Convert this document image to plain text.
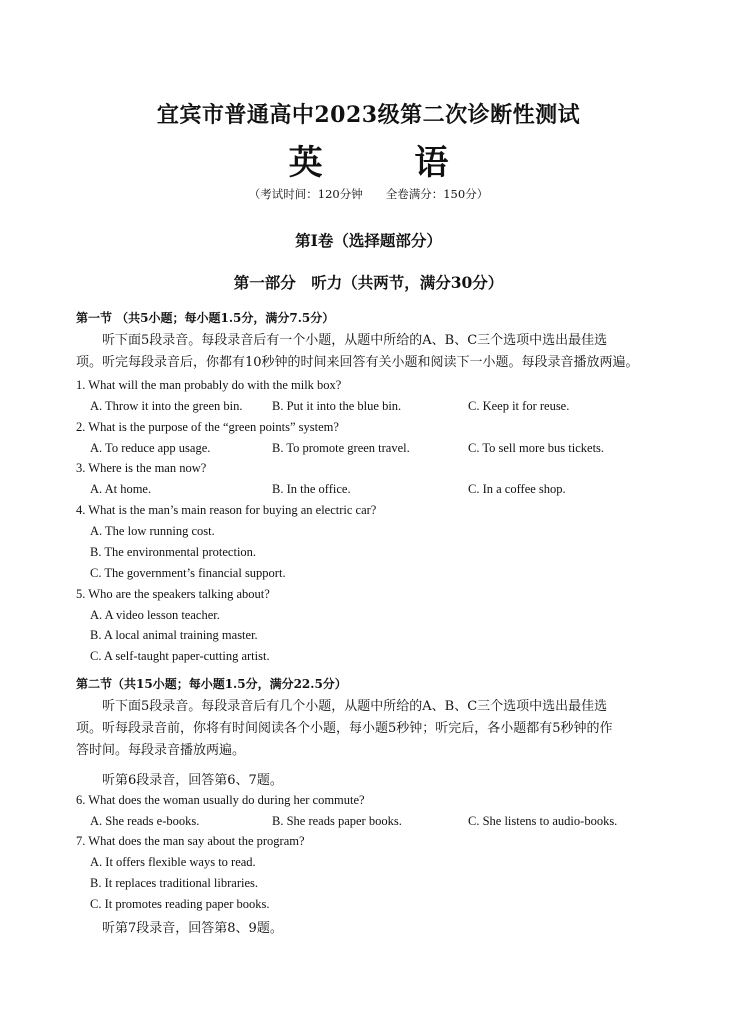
宜宾市普通高中2023级第二次诊断性测试
英 语
（考试时间：120分钟　　全卷满分：150分）
第Ⅰ卷（选择题部分）
第一部分　听力（共两节，满分30分）
第一节 （共5小题；每小题1.5分，满分7.5分）

听下面5段录音。每段录音后有一个小题，从题中所给的A、B、C三个选项中选出最佳选

项。听完每段录音后，你都有10秒钟的时间来回答有关小题和阅读下一小题。每段录音播放两遍。

1. What will the man probably do with the milk box?
A. Throw it into the green bin. B. Put it into the blue bin.	C. Keep it for reuse.
2. What is the purpose of the “green points” system?
A. To reduce app usage.	B. To promote green travel.	C. To sell more bus tickets.
3. Where is the man now?
A. At home.	B. In the office.	C. In a coffee shop.
4. What is the man’s main reason for buying an electric car?
A. The low running cost.
B. The environmental protection.
C. The government’s financial support.
5. Who are the speakers talking about?
A. A video lesson teacher.
B. A local animal training master.
C. A self-taught paper-cutting artist.
第二节（共15小题；每小题1.5分，满分22.5分）

听下面5段录音。每段录音后有几个小题，从题中所给的A、B、C三个选项中选出最佳选

项。听每段录音前，你将有时间阅读各个小题，每小题5秒钟；听完后，各小题都有5秒钟的作

答时间。每段录音播放两遍。

听第6段录音，回答第6、7题。
6. What does the woman usually do during her commute?
A. She reads e-books.	B. She reads paper books.	C. She listens to audio-books.
7. What does the man say about the program?
A. It offers flexible ways to read.
B. It replaces traditional libraries.
C. It promotes reading paper books.
听第7段录音，回答第8、9题。
